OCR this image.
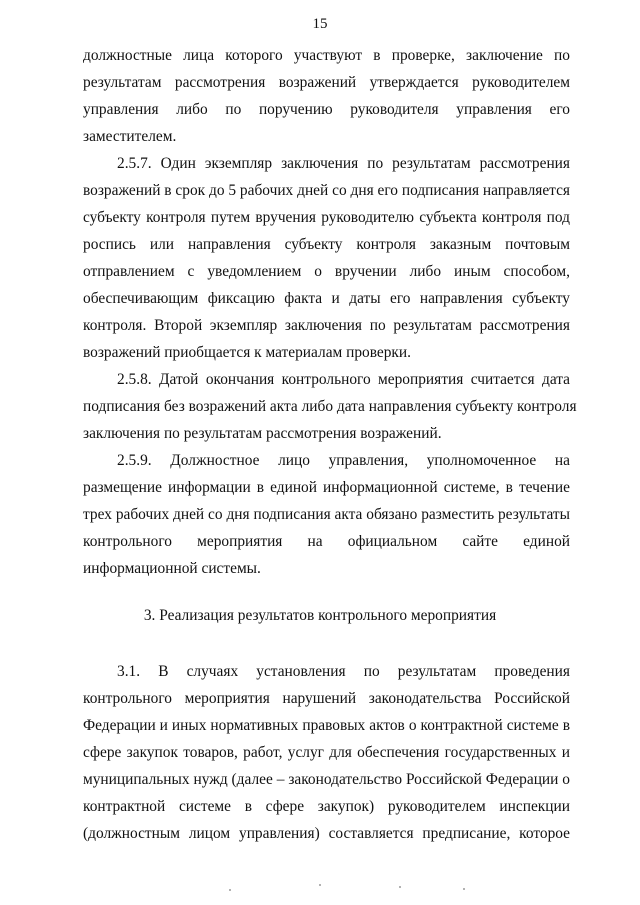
15
должностные лица которого участвуют в проверке, заключение по
результатам рассмотрения возражений утверждается руководителем
управления либо по поручению руководителя управления его
заместителем.
2.5.7. Один экземпляр заключения по результатам рассмотрения
возражений в срок до 5 рабочих дней со дня его подписания направляется
субъекту контроля путем вручения руководителю субъекта контроля под
роспись или направления субъекту контроля заказным почтовым
отправлением с уведомлением о вручении либо иным способом,
обеспечивающим фиксацию факта и даты его направления субъекту
контроля. Второй экземпляр заключения по результатам рассмотрения
возражений приобщается к материалам проверки.
2.5.8. Датой окончания контрольного мероприятия считается дата
подписания без возражений акта либо дата направления субъекту контроля
заключения по результатам рассмотрения возражений.
2.5.9. Должностное лицо управления, уполномоченное на
размещение информации в единой информационной системе, в течение
трех рабочих дней со дня подписания акта обязано разместить результаты
контрольного мероприятия на официальном сайте единой
информационной системы.
3. Реализация результатов контрольного мероприятия
3.1. В случаях установления по результатам проведения
контрольного мероприятия нарушений законодательства Российской
Федерации и иных нормативных правовых актов о контрактной системе в
сфере закупок товаров, работ, услуг для обеспечения государственных и
муниципальных нужд (далее – законодательство Российской Федерации о
контрактной системе в сфере закупок) руководителем инспекции
(должностным лицом управления) составляется предписание, которое
